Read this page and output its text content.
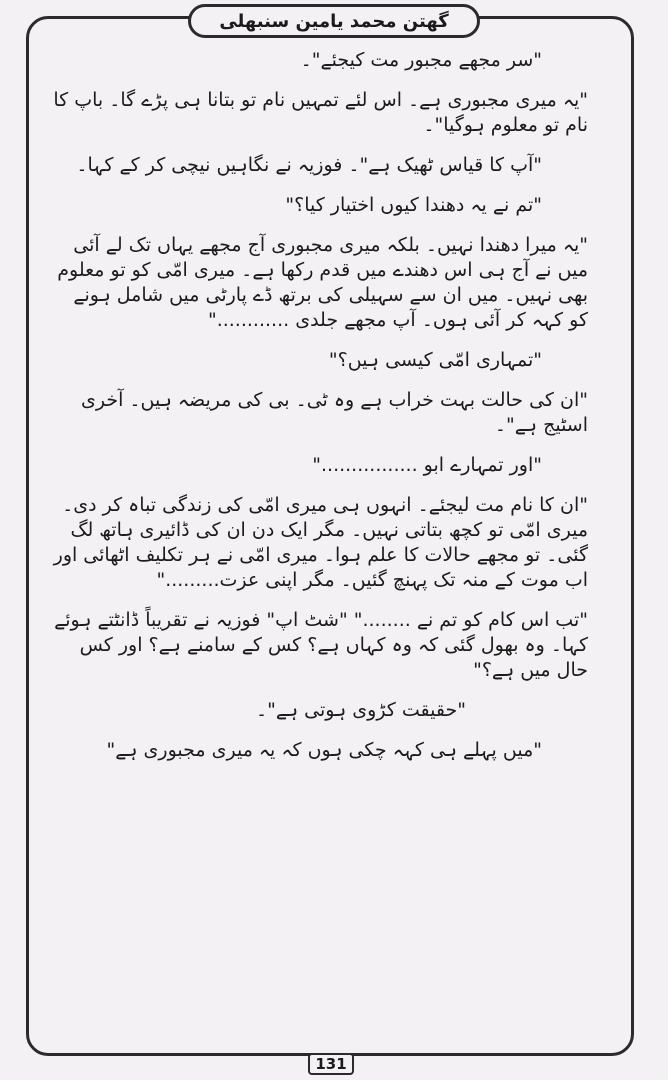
گھتن محمد یامین سنبھلی

"سر مجھے مجبور مت کیجئے"۔

"یہ میری مجبوری ہے۔ اس لئے تمہیں نام تو بتانا ہی پڑے گا۔ باپ کا نام تو معلوم ہوگیا"۔

"آپ کا قیاس ٹھیک ہے"۔ فوزیہ نے نگاہیں نیچی کر کے کہا۔

"تم نے یہ دھندا کیوں اختیار کیا؟"

"یہ میرا دھندا نہیں۔ بلکہ میری مجبوری آج مجھے یہاں تک لے آئی میں نے آج ہی اس دھندے میں قدم رکھا ہے۔ میری امّی کو تو معلوم بھی نہیں۔ میں ان سے سہیلی کی برتھ ڈے پارٹی میں شامل ہونے کو کہہ کر آئی ہوں۔ آپ مجھے جلدی ............"

"تمہاری امّی کیسی ہیں؟"

"ان کی حالت بہت خراب ہے وہ ٹی۔ بی کی مریضہ ہیں۔ آخری اسٹیج ہے"۔

"اور تمہارے ابو ................"

"ان کا نام مت لیجئے۔ انہوں ہی میری امّی کی زندگی تباہ کر دی۔ میری امّی تو کچھ بتاتی نہیں۔ مگر ایک دن ان کی ڈائیری ہاتھ لگ گئی۔ تو مجھے حالات کا علم ہوا۔ میری امّی نے ہر تکلیف اٹھائی اور اب موت کے منہ تک پہنچ گئیں۔ مگر اپنی عزت........."

"تب اس کام کو تم نے ........" "شٹ اپ" فوزیہ نے تقریباً ڈانٹتے ہوئے کہا۔ وہ بھول گئی کہ وہ کہاں ہے؟ کس کے سامنے ہے؟ اور کس حال میں ہے؟"

"حقیقت کڑوی ہوتی ہے"۔

"میں پہلے ہی کہہ چکی ہوں کہ یہ میری مجبوری ہے"

131
